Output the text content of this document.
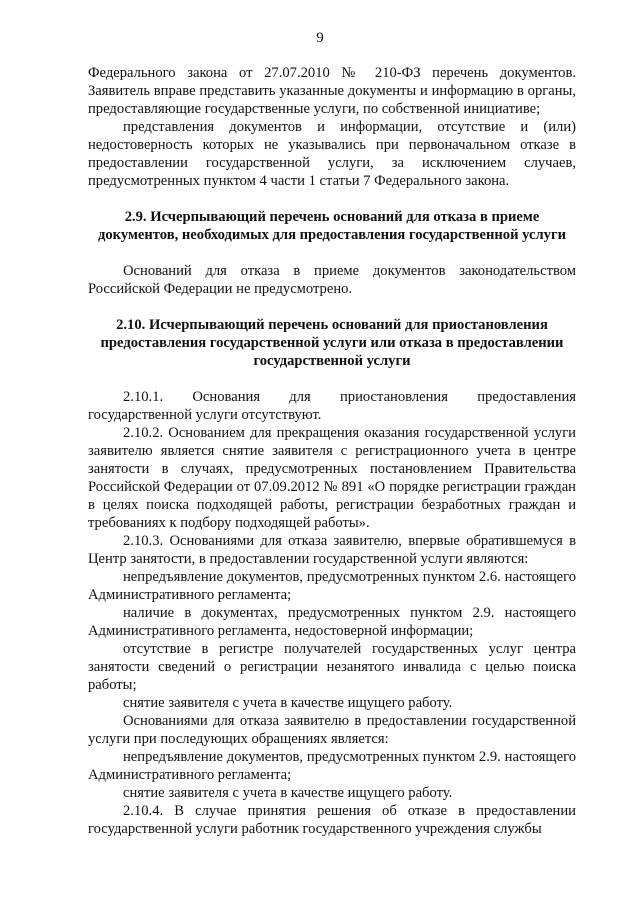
9

Федерального закона от 27.07.2010 № 210-ФЗ перечень документов. Заявитель вправе представить указанные документы и информацию в органы, предоставляющие государственные услуги, по собственной инициативе;

представления документов и информации, отсутствие и (или) недостоверность которых не указывались при первоначальном отказе в предоставлении государственной услуги, за исключением случаев, предусмотренных пунктом 4 части 1 статьи 7 Федерального закона.

2.9. Исчерпывающий перечень оснований для отказа в приеме документов, необходимых для предоставления государственной услуги

Оснований для отказа в приеме документов законодательством Российской Федерации не предусмотрено.

2.10. Исчерпывающий перечень оснований для приостановления предоставления государственной услуги или отказа в предоставлении государственной услуги

2.10.1. Основания для приостановления предоставления государственной услуги отсутствуют.

2.10.2. Основанием для прекращения оказания государственной услуги заявителю является снятие заявителя с регистрационного учета в центре занятости в случаях, предусмотренных постановлением Правительства Российской Федерации от 07.09.2012 № 891 «О порядке регистрации граждан в целях поиска подходящей работы, регистрации безработных граждан и требованиях к подбору подходящей работы».

2.10.3. Основаниями для отказа заявителю, впервые обратившемуся в Центр занятости, в предоставлении государственной услуги являются:

непредъявление документов, предусмотренных пунктом 2.6. настоящего Административного регламента;

наличие в документах, предусмотренных пунктом 2.9. настоящего Административного регламента, недостоверной информации;

отсутствие в регистре получателей государственных услуг центра занятости сведений о регистрации незанятого инвалида с целью поиска работы;

снятие заявителя с учета в качестве ищущего работу.

Основаниями для отказа заявителю в предоставлении государственной услуги при последующих обращениях является:

непредъявление документов, предусмотренных пунктом 2.9. настоящего Административного регламента;

снятие заявителя с учета в качестве ищущего работу.

2.10.4. В случае принятия решения об отказе в предоставлении государственной услуги работник государственного учреждения службы
